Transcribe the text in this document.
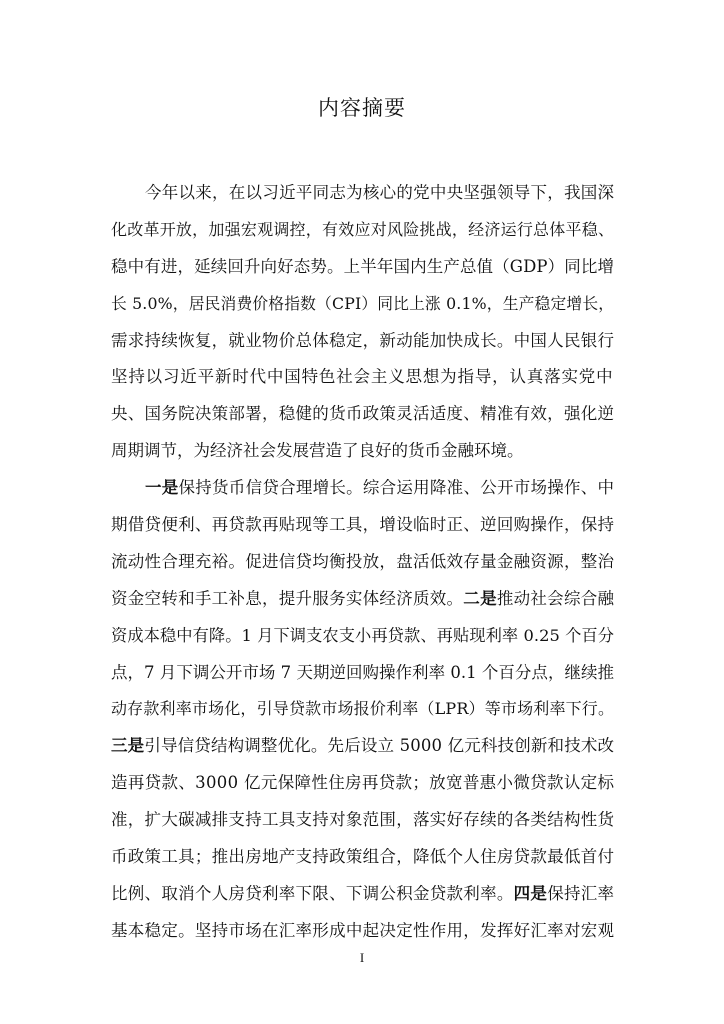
内容摘要
今年以来，在以习近平同志为核心的党中央坚强领导下，我国深
化改革开放，加强宏观调控，有效应对风险挑战，经济运行总体平稳、
稳中有进，延续回升向好态势。上半年国内生产总值（GDP）同比增
长 5.0%，居民消费价格指数（CPI）同比上涨 0.1%，生产稳定增长，
需求持续恢复，就业物价总体稳定，新动能加快成长。中国人民银行
坚持以习近平新时代中国特色社会主义思想为指导，认真落实党中
央、国务院决策部署，稳健的货币政策灵活适度、精准有效，强化逆
周期调节，为经济社会发展营造了良好的货币金融环境。
一是保持货币信贷合理增长。综合运用降准、公开市场操作、中
期借贷便利、再贷款再贴现等工具，增设临时正、逆回购操作，保持
流动性合理充裕。促进信贷均衡投放，盘活低效存量金融资源，整治
资金空转和手工补息，提升服务实体经济质效。二是推动社会综合融
资成本稳中有降。1 月下调支农支小再贷款、再贴现利率 0.25 个百分
点，7 月下调公开市场 7 天期逆回购操作利率 0.1 个百分点，继续推
动存款利率市场化，引导贷款市场报价利率（LPR）等市场利率下行。
三是引导信贷结构调整优化。先后设立 5000 亿元科技创新和技术改
造再贷款、3000 亿元保障性住房再贷款；放宽普惠小微贷款认定标
准，扩大碳减排支持工具支持对象范围，落实好存续的各类结构性货
币政策工具；推出房地产支持政策组合，降低个人住房贷款最低首付
比例、取消个人房贷利率下限、下调公积金贷款利率。四是保持汇率
基本稳定。坚持市场在汇率形成中起决定性作用，发挥好汇率对宏观
I
